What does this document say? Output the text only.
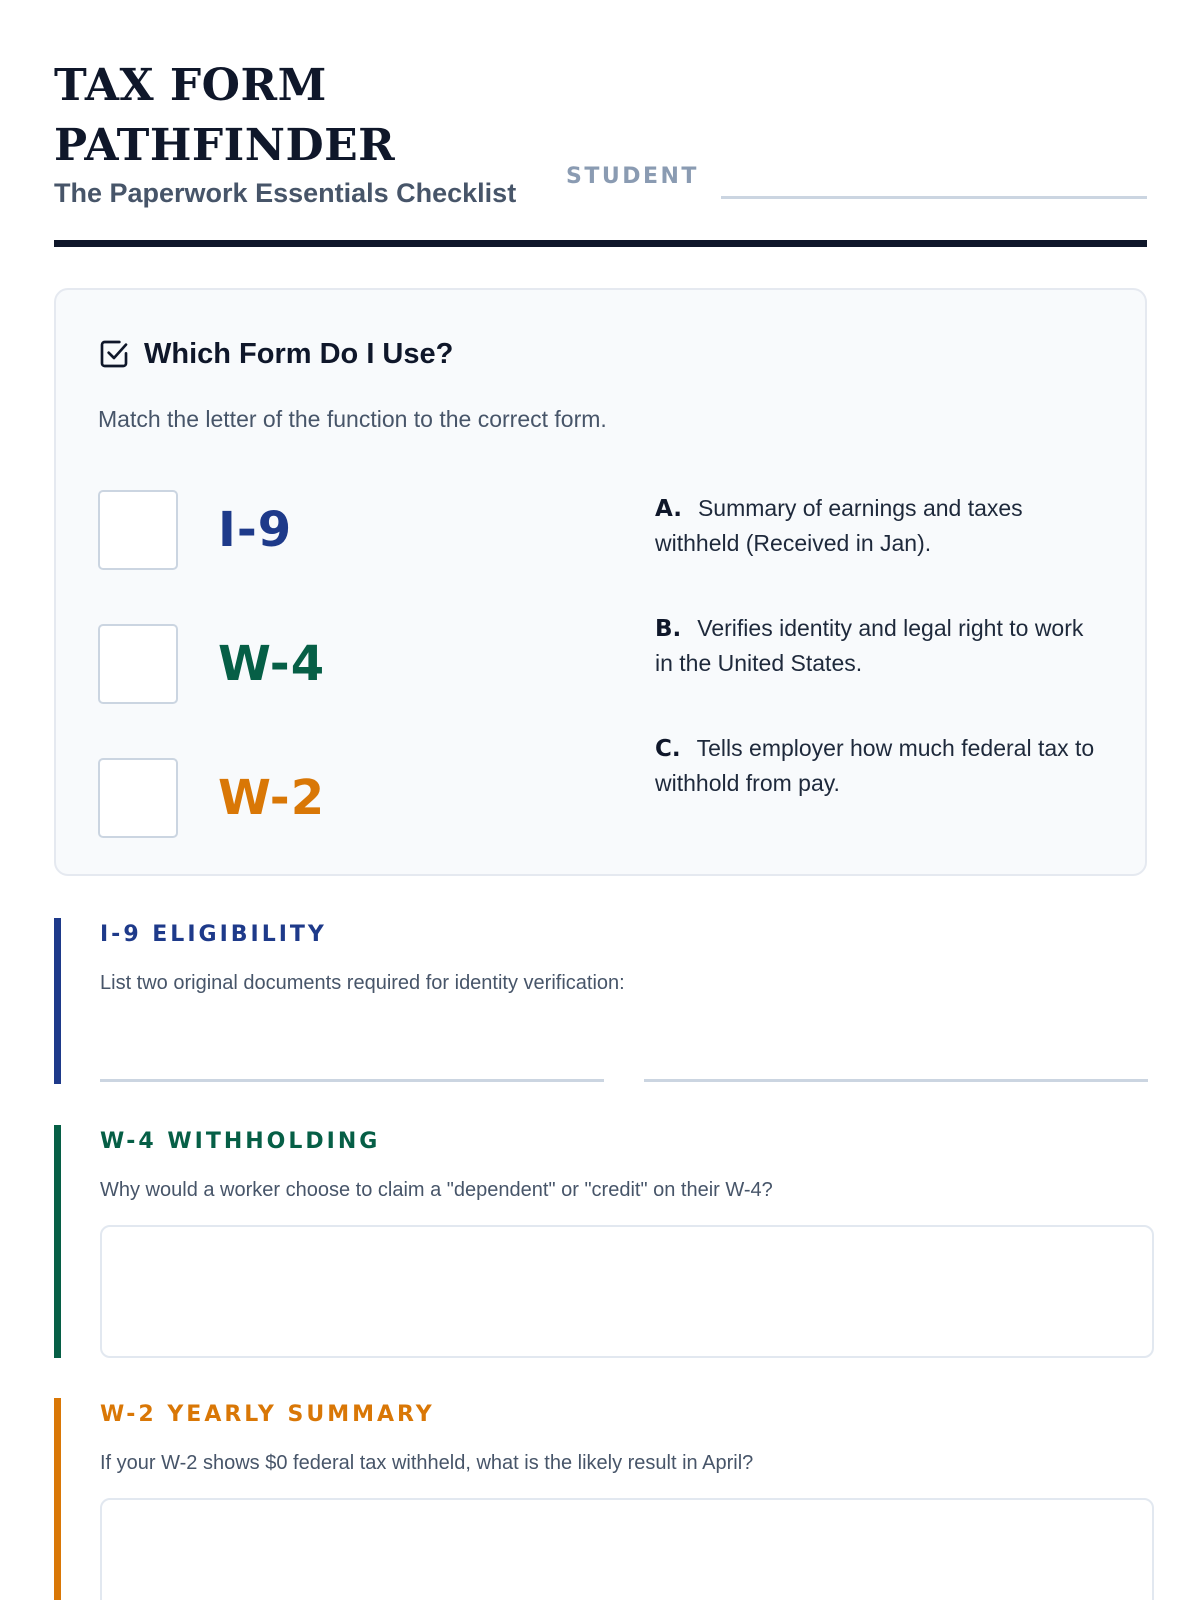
TAX FORM
PATHFINDER
The Paperwork Essentials Checklist
STUDENT
Which Form Do I Use?
Match the letter of the function to the correct form.
I-9
W-4
W-2
A. Summary of earnings and taxes withheld (Received in Jan).
B. Verifies identity and legal right to work in the United States.
C. Tells employer how much federal tax to withhold from pay.
I-9 ELIGIBILITY
List two original documents required for identity verification:
W-4 WITHHOLDING
Why would a worker choose to claim a "dependent" or "credit" on their W-4?
W-2 YEARLY SUMMARY
If your W-2 shows $0 federal tax withheld, what is the likely result in April?
